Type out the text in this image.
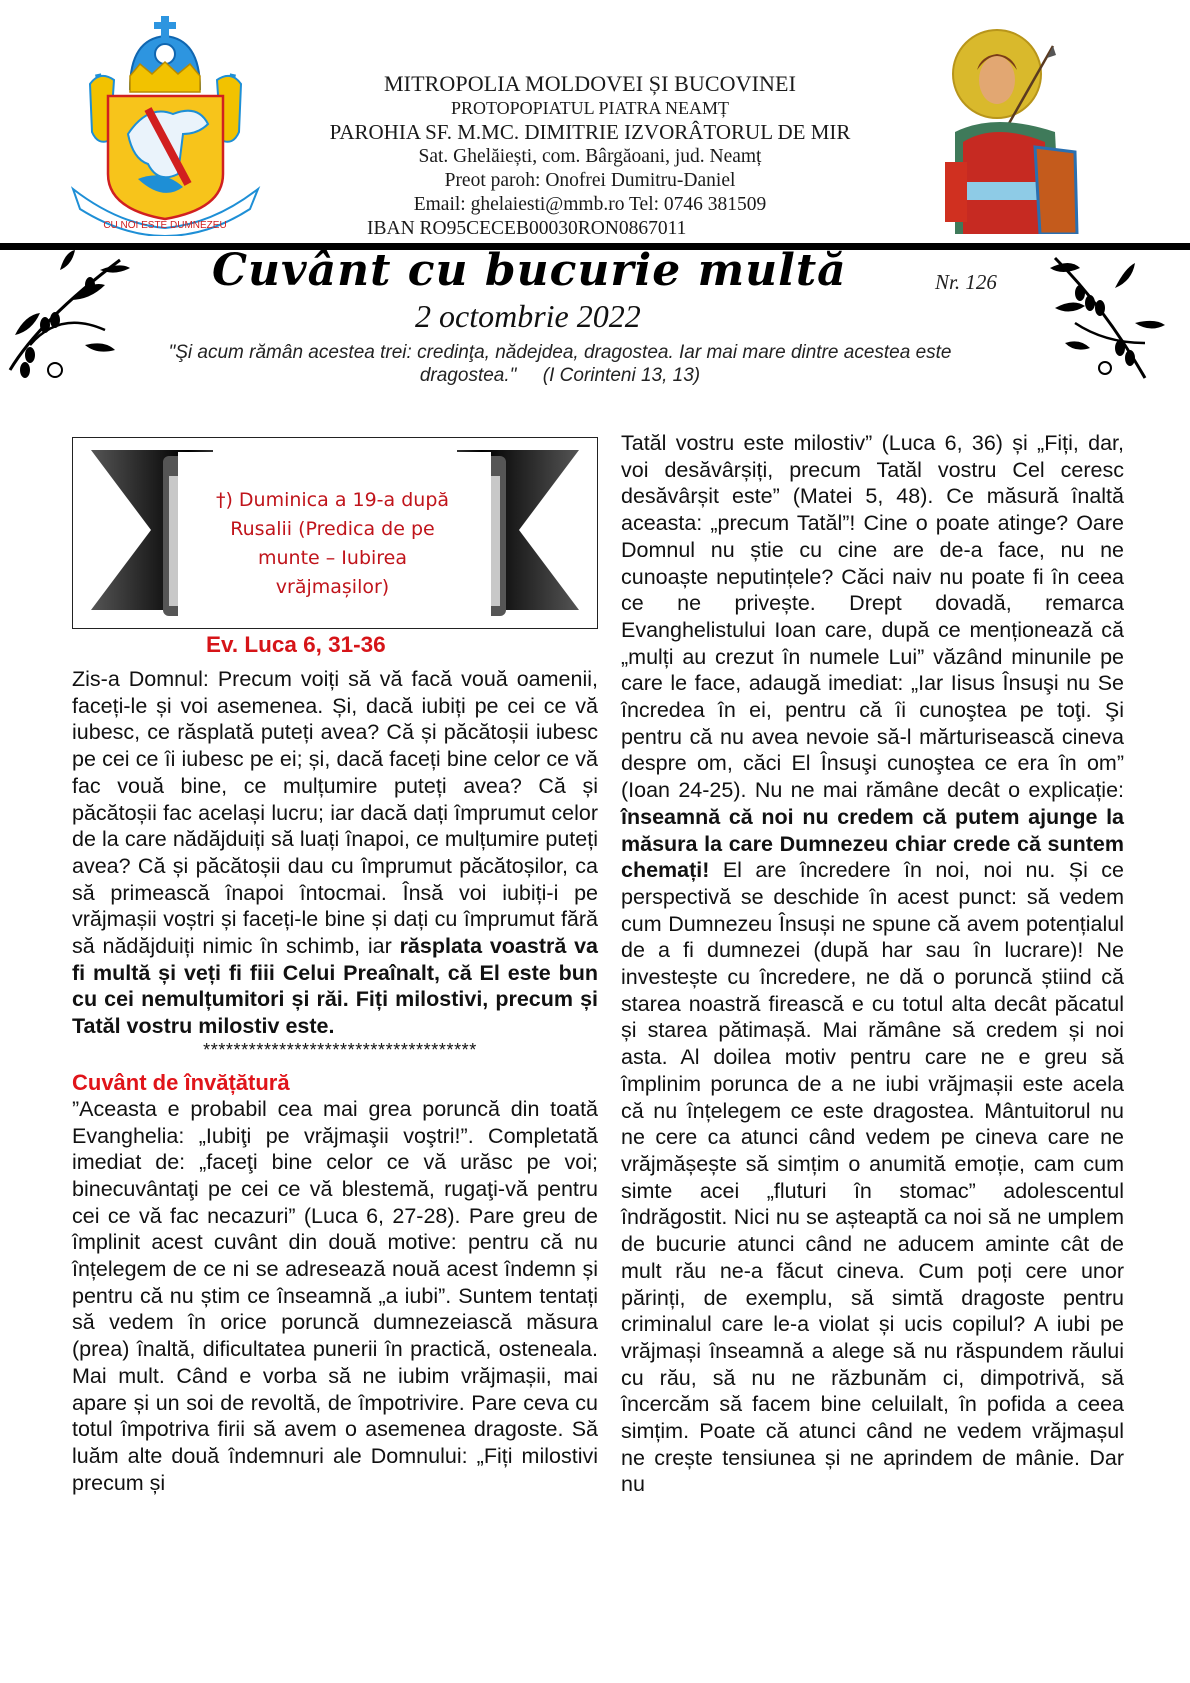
CU NOI ESTE DUMNEZEU
MITROPOLIA MOLDOVEI ȘI BUCOVINEI
PROTOPOPIATUL PIATRA NEAMȚ
PAROHIA SF. M.MC. DIMITRIE IZVORÂTORUL DE MIR
Sat. Ghelăiești, com. Bârgăoani, jud. Neamț
Preot paroh: Onofrei Dumitru-Daniel
Email: ghelaiesti@mmb.ro Tel: 0746 381509
IBAN RO95CECEB00030RON0867011
Cuvânt cu bucurie multă	Nr. 126
2 octombrie 2022
"Şi acum rămân acestea trei: credinţa, nădejdea, dragostea. Iar mai mare dintre acestea este dragostea." (I Corinteni 13, 13)
†) Duminica a 19-a după
Rusalii (Predica de pe
munte – Iubirea
vrăjmașilor)
Ev. Luca 6, 31-36

Zis-a Domnul: Precum voiți să vă facă vouă oamenii, faceți-le și voi asemenea. Și, dacă iubiți pe cei ce vă iubesc, ce răsplată puteți avea? Că și păcătoșii iubesc pe cei ce îi iubesc pe ei; și, dacă faceți bine celor ce vă fac vouă bine, ce mulțumire puteți avea? Că și păcătoșii fac același lucru; iar dacă dați împrumut celor de la care nădăjduiți să luați înapoi, ce mulțumire puteți avea? Că și păcătoșii dau cu împrumut păcătoșilor, ca să primească înapoi întocmai. Însă voi iubiți-i pe vrăjmașii voștri și faceți-le bine și dați cu împrumut fără să nădăjduiți nimic în schimb, iar răsplata voastră va fi multă și veți fi fiii Celui Preaînalt, că El este bun cu cei nemulțumitori și răi. Fiți milostivi, precum și Tatăl vostru milostiv este.

************************************
Cuvânt de învățătură

”Aceasta e probabil cea mai grea poruncă din toată Evanghelia: „Iubiţi pe vrăjmaşii voştri!”. Completată imediat de: „faceţi bine celor ce vă urăsc pe voi; binecuvântaţi pe cei ce vă blestemă, rugaţi-vă pentru cei ce vă fac necazuri” (Luca 6, 27-28). Pare greu de împlinit acest cuvânt din două motive: pentru că nu înțelegem de ce ni se adresează nouă acest îndemn și pentru că nu știm ce înseamnă „a iubi”. Suntem tentați să vedem în orice poruncă dumnezeiască măsura (prea) înaltă, dificultatea punerii în practică, osteneala. Mai mult. Când e vorba să ne iubim vrăjmașii, mai apare și un soi de revoltă, de împotrivire. Pare ceva cu totul împotriva firii să avem o asemenea dragoste. Să luăm alte două îndemnuri ale Domnului: „Fiți milostivi precum și

Tatăl vostru este milostiv” (Luca 6, 36) și „Fiți, dar, voi desăvârșiți, precum Tatăl vostru Cel ceresc desăvârșit este” (Matei 5, 48). Ce măsură înaltă aceasta: „precum Tatăl”! Cine o poate atinge? Oare Domnul nu știe cu cine are de-a face, nu ne cunoaște neputințele? Căci naiv nu poate fi în ceea ce ne privește. Drept dovadă, remarca Evanghelistului Ioan care, după ce menționează că „mulți au crezut în numele Lui” văzând minunile pe care le face, adaugă imediat: „Iar Iisus Însuşi nu Se încredea în ei, pentru că îi cunoştea pe toţi. Şi pentru că nu avea nevoie să-l mărturisească cineva despre om, căci El Însuşi cunoştea ce era în om” (Ioan 24-25). Nu ne mai rămâne decât o explicație: înseamnă că noi nu credem că putem ajunge la măsura la care Dumnezeu chiar crede că suntem chemați! El are încredere în noi, noi nu. Și ce perspectivă se deschide în acest punct: să vedem cum Dumnezeu Însuși ne spune că avem potențialul de a fi dumnezei (după har sau în lucrare)! Ne investește cu încredere, ne dă o poruncă știind că starea noastră firească e cu totul alta decât păcatul și starea pătimașă. Mai rămâne să credem și noi asta. Al doilea motiv pentru care ne e greu să împlinim porunca de a ne iubi vrăjmașii este acela că nu înțelegem ce este dragostea. Mântuitorul nu ne cere ca atunci când vedem pe cineva care ne vrăjmășește să simțim o anumită emoție, cam cum simte acei „fluturi în stomac” adolescentul îndrăgostit. Nici nu se așteaptă ca noi să ne umplem de bucurie atunci când ne aducem aminte cât de mult rău ne-a făcut cineva. Cum poți cere unor părinți, de exemplu, să simtă dragoste pentru criminalul care le-a violat și ucis copilul? A iubi pe vrăjmași înseamnă a alege să nu răspundem răului cu rău, să nu ne răzbunăm ci, dimpotrivă, să încercăm să facem bine celuilalt, în pofida a ceea simțim. Poate că atunci când ne vedem vrăjmașul ne crește tensiunea și ne aprindem de mânie. Dar nu
